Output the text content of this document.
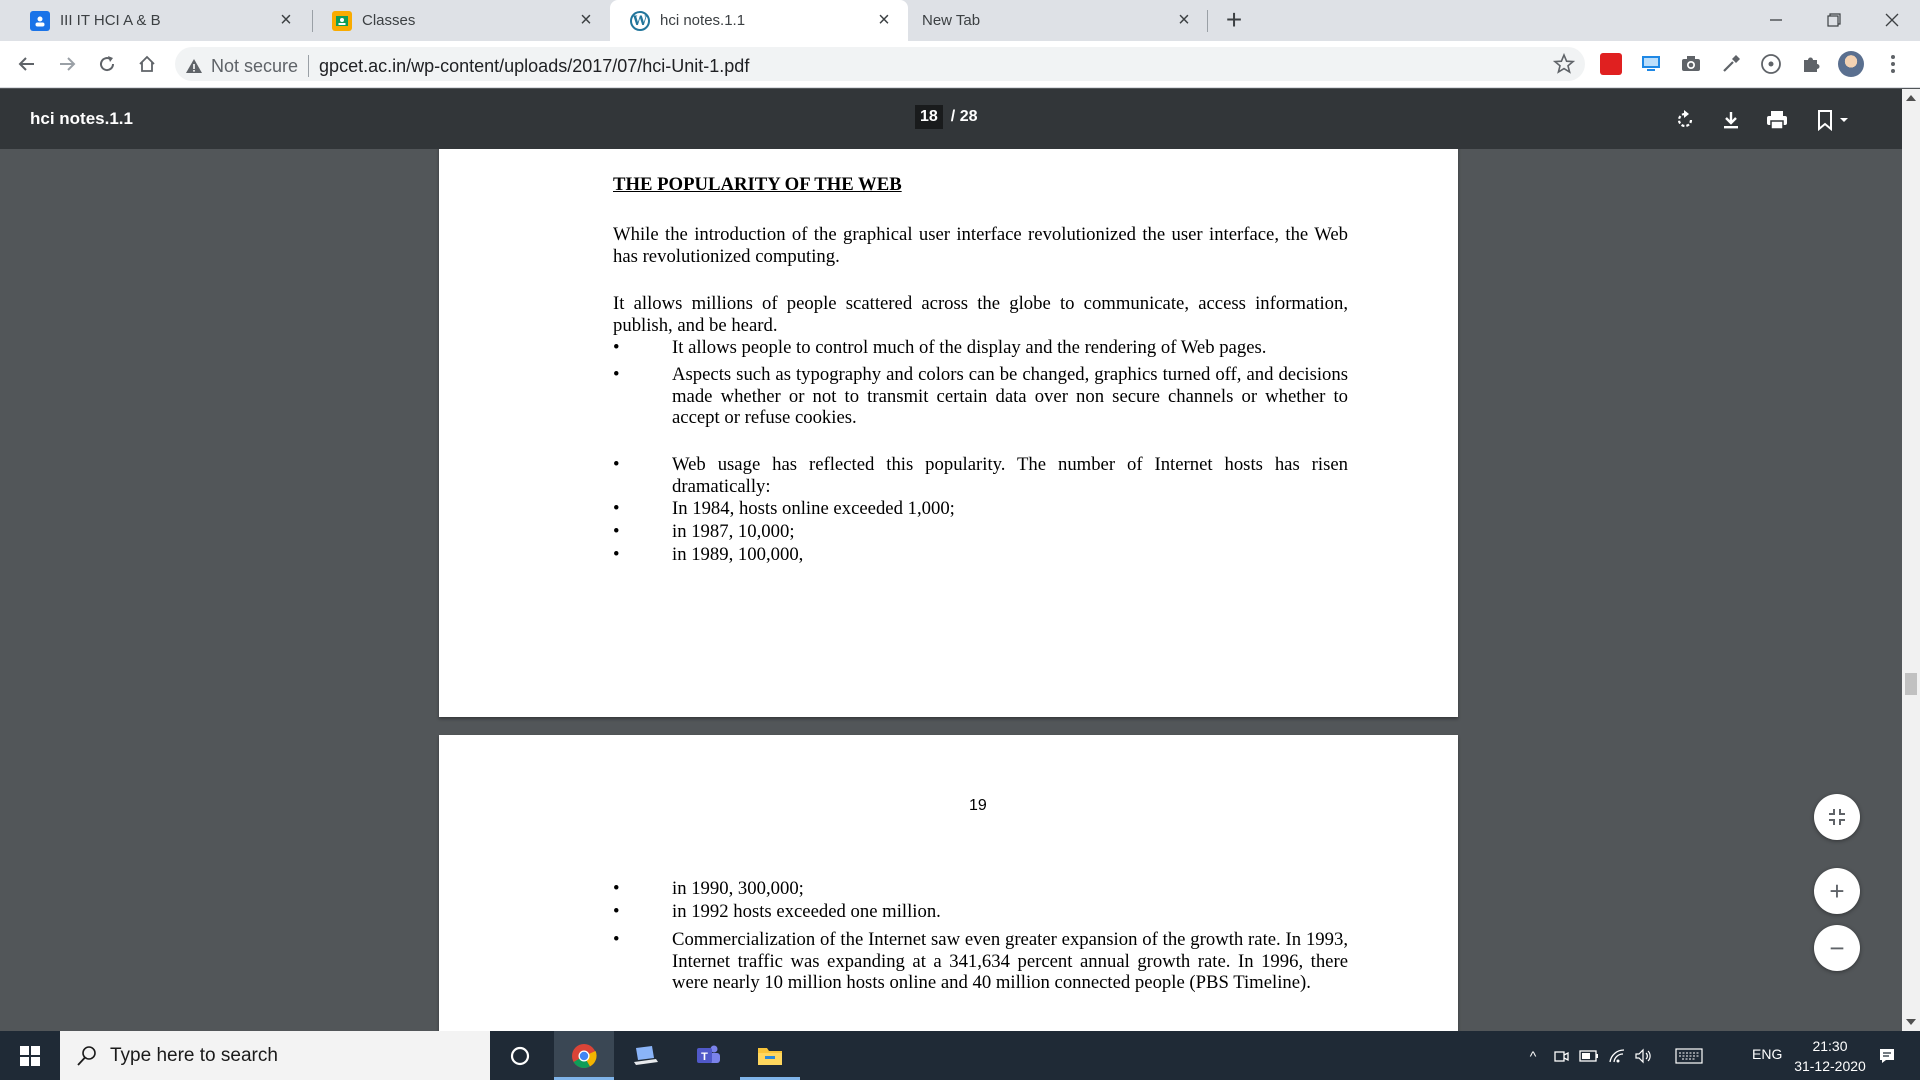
III IT HCI A & B	×	Classes	×	W hci notes.1.1	× New Tab	× +
Not secure gpcet.ac.in/wp-content/uploads/2017/07/hci-Unit-1.pdf
hci notes.1.1	18 / 28
THE POPULARITY OF THE WEB
While the introduction of the graphical user interface revolutionized the user interface, the Web has revolutionized computing.
It allows millions of people scattered across the globe to communicate, access information, publish, and be heard.
•	It allows people to control much of the display and the rendering of Web pages.
•	Aspects such as typography and colors can be changed, graphics turned off, and decisions made whether or not to transmit certain data over non secure channels or whether to accept or refuse cookies.
•	Web usage has reflected this popularity. The number of Internet hosts has risen dramatically:
•	In 1984, hosts online exceeded 1,000;
•	in 1987, 10,000;
•	in 1989, 100,000,
19
•	in 1990, 300,000;
•	in 1992 hosts exceeded one million.
•	Commercialization of the Internet saw even greater expansion of the growth rate. In 1993, Internet traffic was expanding at a 341,634 percent annual growth rate. In 1996, there were nearly 10 million hosts online and 40 million connected people (PBS Timeline).
+
−
Type here to search	T	^	ENG	21:30
31-12-2020
